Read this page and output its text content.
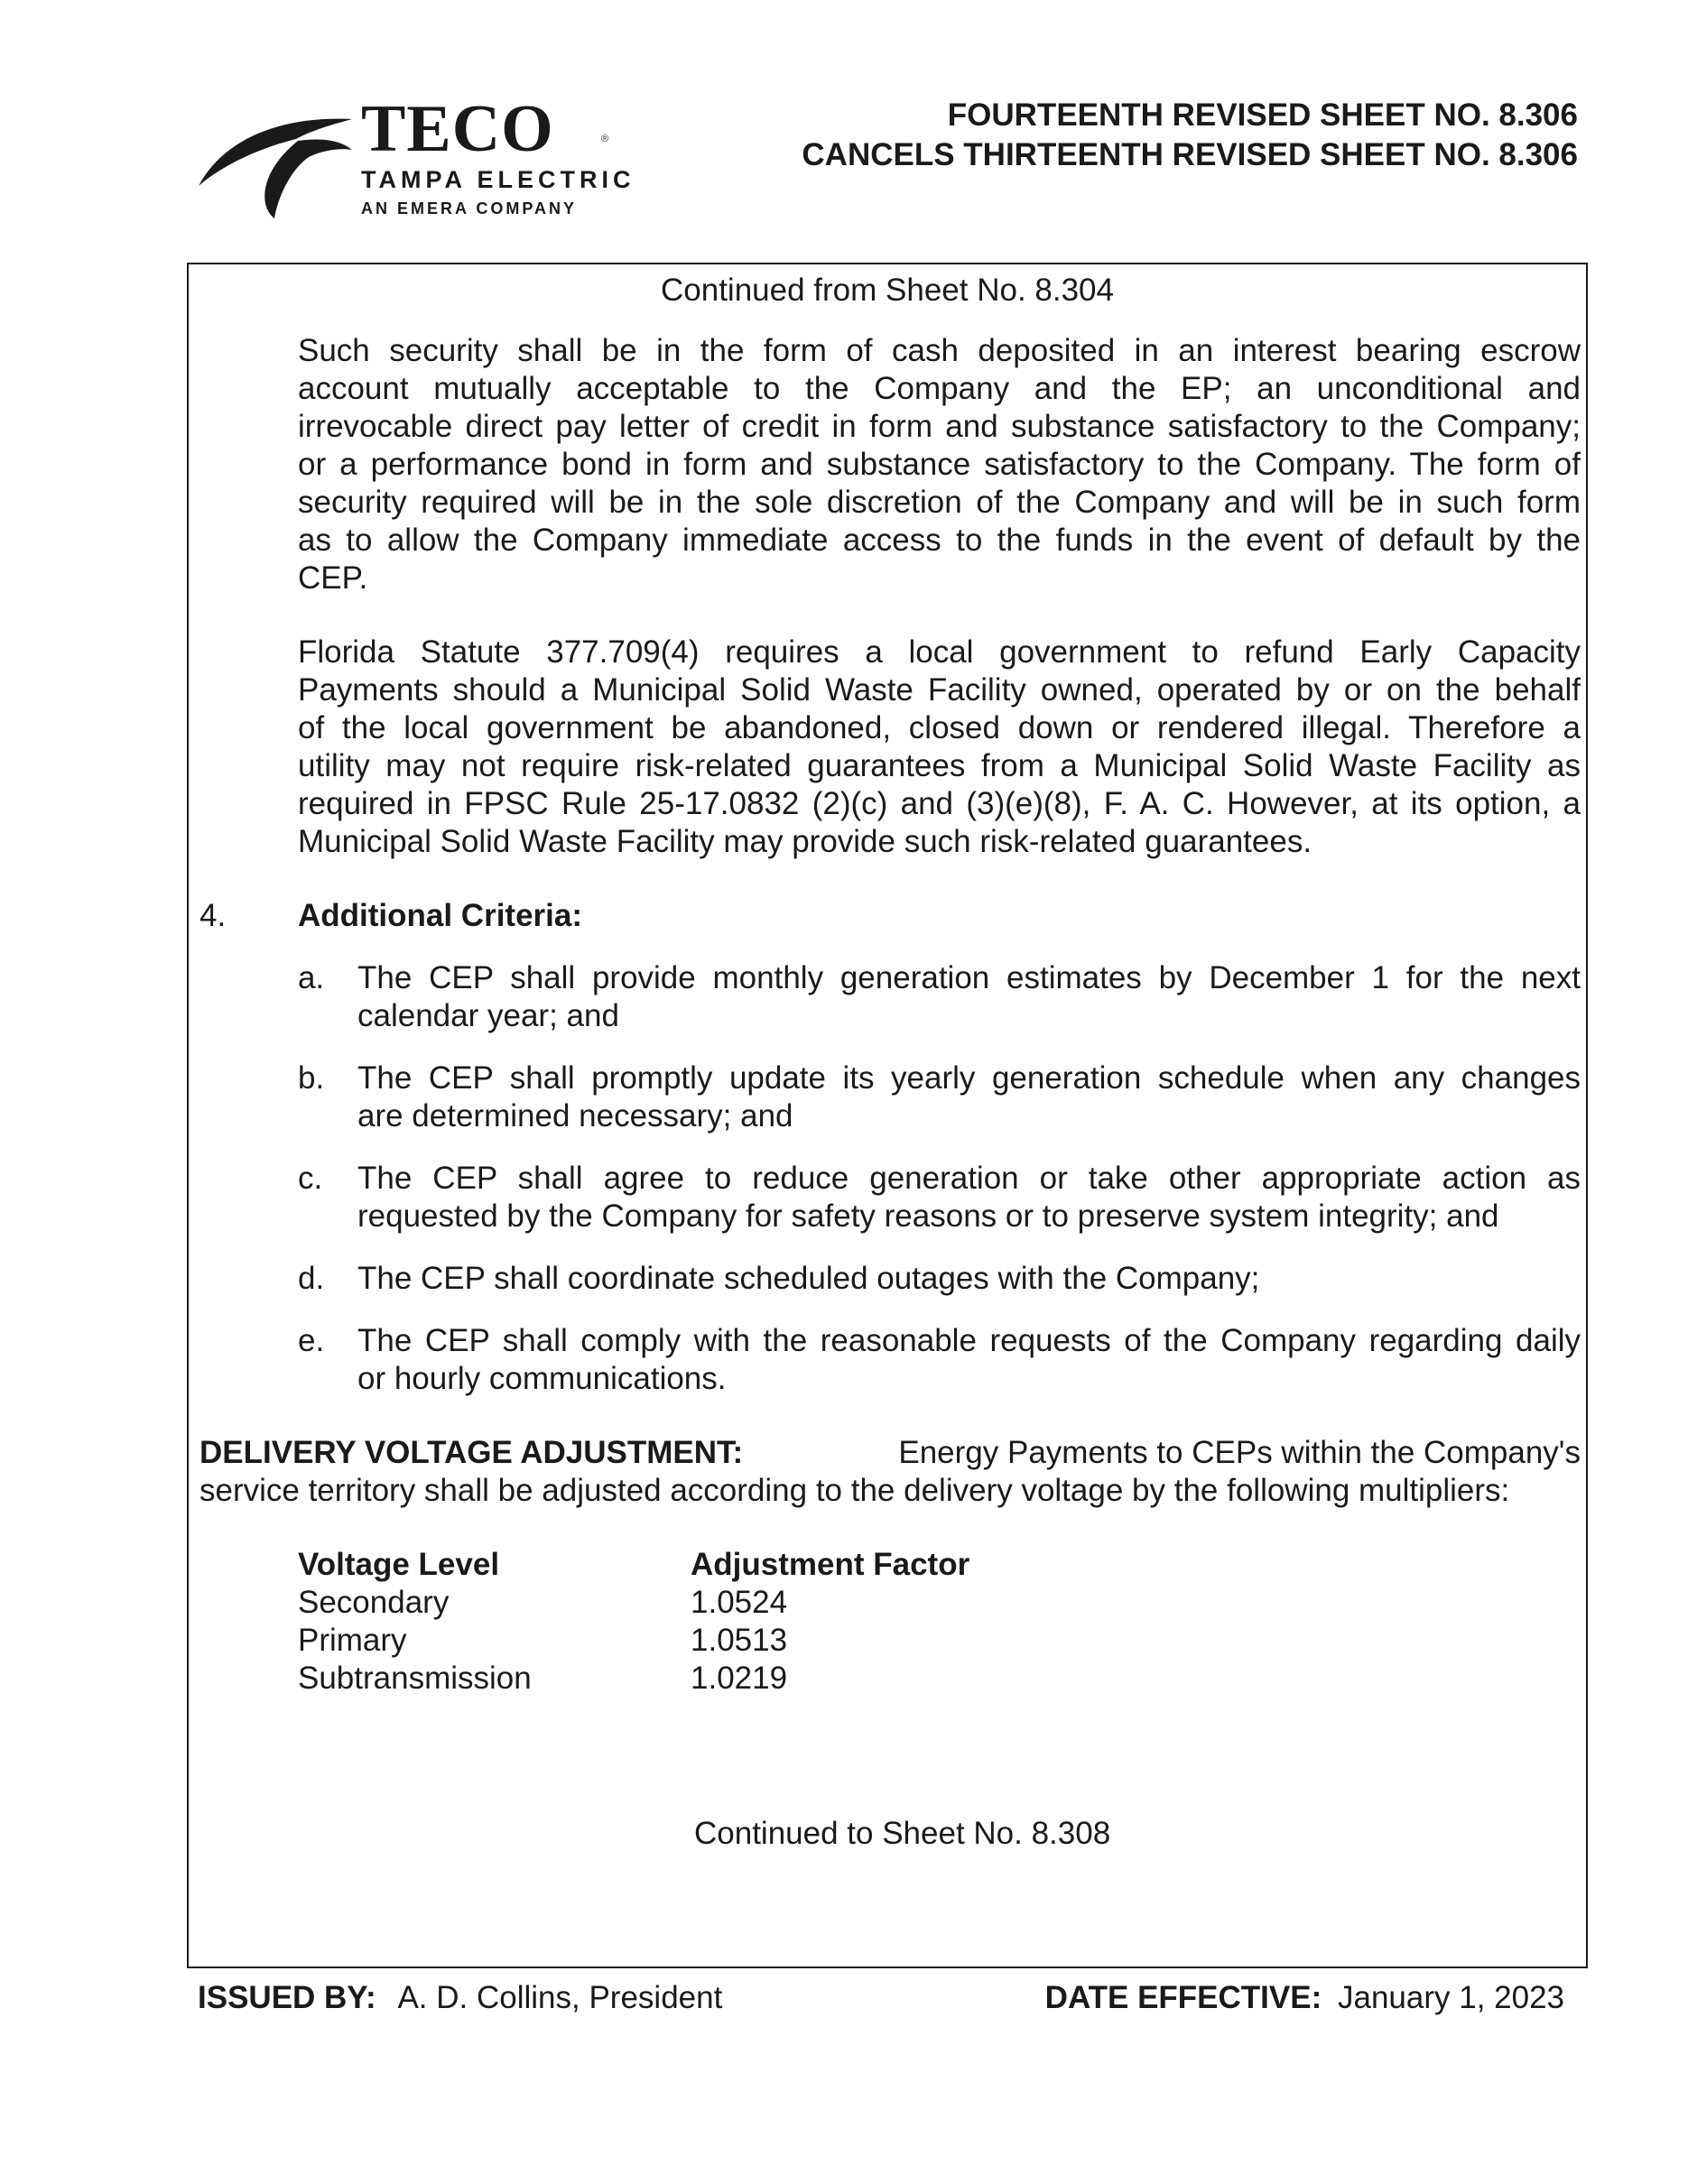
TECO	®
TAMPA ELECTRIC
AN EMERA COMPANY
FOURTEENTH REVISED SHEET NO. 8.306
CANCELS THIRTEENTH REVISED SHEET NO. 8.306
Continued from Sheet No. 8.304
Such security shall be in the form of cash deposited in an interest bearing escrow
account mutually acceptable to the Company and the EP; an unconditional and
irrevocable direct pay letter of credit in form and substance satisfactory to the Company;
or a performance bond in form and substance satisfactory to the Company. The form of
security required will be in the sole discretion of the Company and will be in such form
as to allow the Company immediate access to the funds in the event of default by the
CEP.
Florida Statute 377.709(4) requires a local government to refund Early Capacity
Payments should a Municipal Solid Waste Facility owned, operated by or on the behalf
of the local government be abandoned, closed down or rendered illegal. Therefore a
utility may not require risk-related guarantees from a Municipal Solid Waste Facility as
required in FPSC Rule 25-17.0832 (2)(c) and (3)(e)(8), F. A. C. However, at its option, a
Municipal Solid Waste Facility may provide such risk-related guarantees.
4. Additional Criteria:
a. The CEP shall provide monthly generation estimates by December 1 for the next
calendar year; and
b. The CEP shall promptly update its yearly generation schedule when any changes
are determined necessary; and
c. The CEP shall agree to reduce generation or take other appropriate action as
requested by the Company for safety reasons or to preserve system integrity; and
d. The CEP shall coordinate scheduled outages with the Company;
e. The CEP shall comply with the reasonable requests of the Company regarding daily
or hourly communications.
DELIVERY VOLTAGE ADJUSTMENT:	Energy Payments to CEPs within the Company's
service territory shall be adjusted according to the delivery voltage by the following multipliers:
Voltage Level	Adjustment Factor
Secondary	1.0524
Primary	1.0513
Subtransmission	1.0219
Continued to Sheet No. 8.308
ISSUED BY: A. D. Collins, President	DATE EFFECTIVE: January 1, 2023
